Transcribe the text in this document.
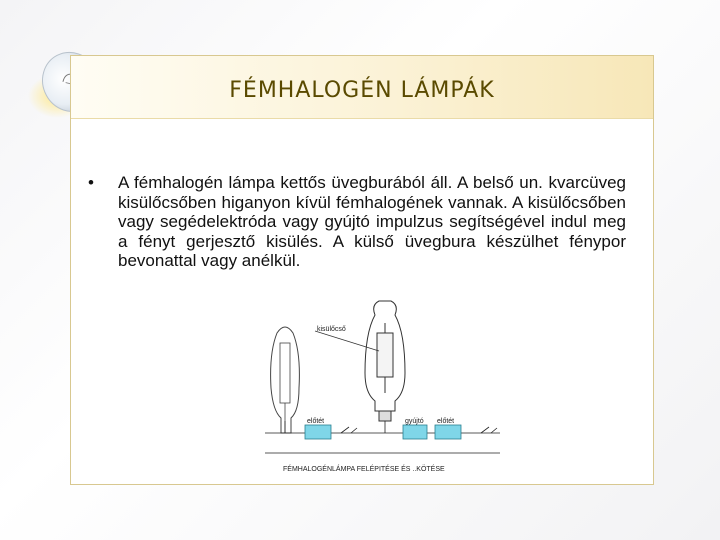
FÉMHALOGÉN LÁMPÁK
•	A fémhalogén lámpa kettős üvegburából áll. A belső un. kvarcüveg kisülőcsőben higanyon kívül fémhalogének vannak. A kisülőcsőben vagy segédelektróda vagy gyújtó impulzus segítségével indul meg a fényt gerjesztő kisülés. A külső üvegbura készülhet fénypor bevonattal vagy anélkül.
kisülőcső
előtét	gyújtó előtét
FÉMHALOGÉNLÁMPA FELÉPITÉSE ÉS ..KÖTÉSE
